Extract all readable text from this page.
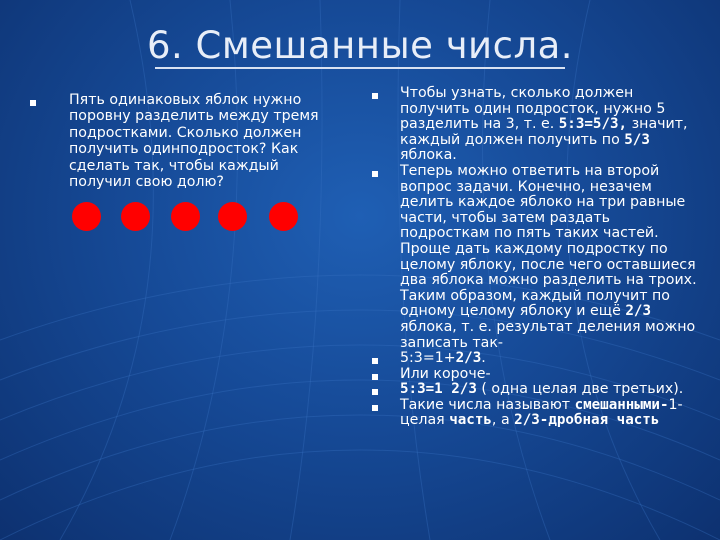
6. Смешанные числа.
Пять одинаковых яблок нужно поровну разделить между тремя подростками. Сколько должен получить одинподросток? Как сделать так, чтобы каждый получил свою долю?
Чтобы узнать, сколько должен получить один подросток, нужно 5 разделить на 3, т. е. 5:3=5/3, значит, каждый должен получить по 5/3 яблока.
Теперь можно ответить на второй вопрос задачи. Конечно, незачем делить каждое яблоко на три равные части, чтобы затем раздать подросткам по пять таких частей. Проще дать каждому подростку по целому яблоку, после чего оставшиеся два яблока можно разделить на троих. Таким образом, каждый получит по одному целому яблоку и ещё 2/3 яблока, т. е. результат деления можно записать так-
5:3=1+2/3.
Или короче-
5:3=1 2/3 ( одна целая две третьих).
Такие числа называют смешанными-1-целая часть, а 2/3-дробная часть
